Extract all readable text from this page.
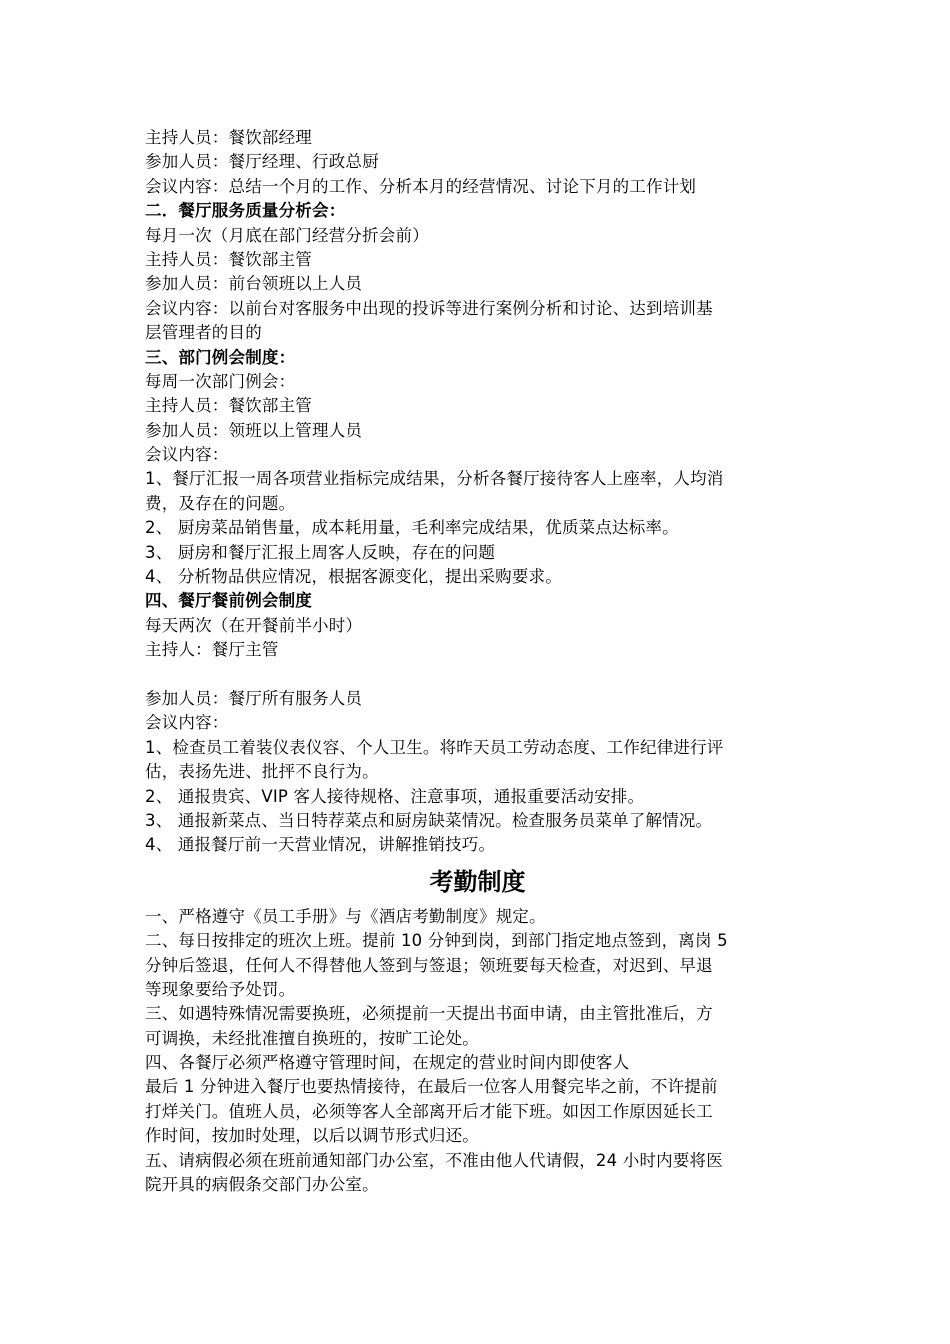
主持人员：餐饮部经理
参加人员：餐厅经理、行政总厨
会议内容：总结一个月的工作、分析本月的经营情况、讨论下月的工作计划
二．餐厅服务质量分析会：
每月一次（月底在部门经营分折会前）
主持人员：餐饮部主管
参加人员：前台领班以上人员
会议内容：以前台对客服务中出现的投诉等进行案例分析和讨论、达到培训基
层管理者的目的
三、部门例会制度：
每周一次部门例会：
主持人员：餐饮部主管
参加人员：领班以上管理人员
会议内容：
1、餐厅汇报一周各项营业指标完成结果，分析各餐厅接待客人上座率，人均消
费，及存在的问题。
2、 厨房菜品销售量，成本耗用量，毛利率完成结果，优质菜点达标率。
3、 厨房和餐厅汇报上周客人反映，存在的问题
4、 分析物品供应情况，根据客源变化，提出采购要求。
四、餐厅餐前例会制度
每天两次（在开餐前半小时）
主持人：餐厅主管
参加人员：餐厅所有服务人员
会议内容：
1、检查员工着装仪表仪容、个人卫生。将昨天员工劳动态度、工作纪律进行评
估，表扬先进、批抨不良行为。
2、 通报贵宾、VIP 客人接待规格、注意事项，通报重要活动安排。
3、 通报新菜点、当日特荐菜点和厨房缺菜情况。检查服务员菜单了解情况。
4、 通报餐厅前一天营业情况，讲解推销技巧。
考勤制度
一、严格遵守《员工手册》与《酒店考勤制度》规定。
二、每日按排定的班次上班。提前 10 分钟到岗，到部门指定地点签到，离岗 5
分钟后签退，任何人不得替他人签到与签退；领班要每天检查，对迟到、早退
等现象要给予处罚。
三、如遇特殊情况需要换班，必须提前一天提出书面申请，由主管批准后，方
可调换，未经批准擅自换班的，按旷工论处。
四、各餐厅必须严格遵守管理时间，在规定的营业时间内即使客人
最后 1 分钟进入餐厅也要热情接待，在最后一位客人用餐完毕之前，不许提前
打烊关门。值班人员，必须等客人全部离开后才能下班。如因工作原因延长工
作时间，按加时处理，以后以调节形式归还。
五、请病假必须在班前通知部门办公室，不准由他人代请假，24 小时内要将医
院开具的病假条交部门办公室。
